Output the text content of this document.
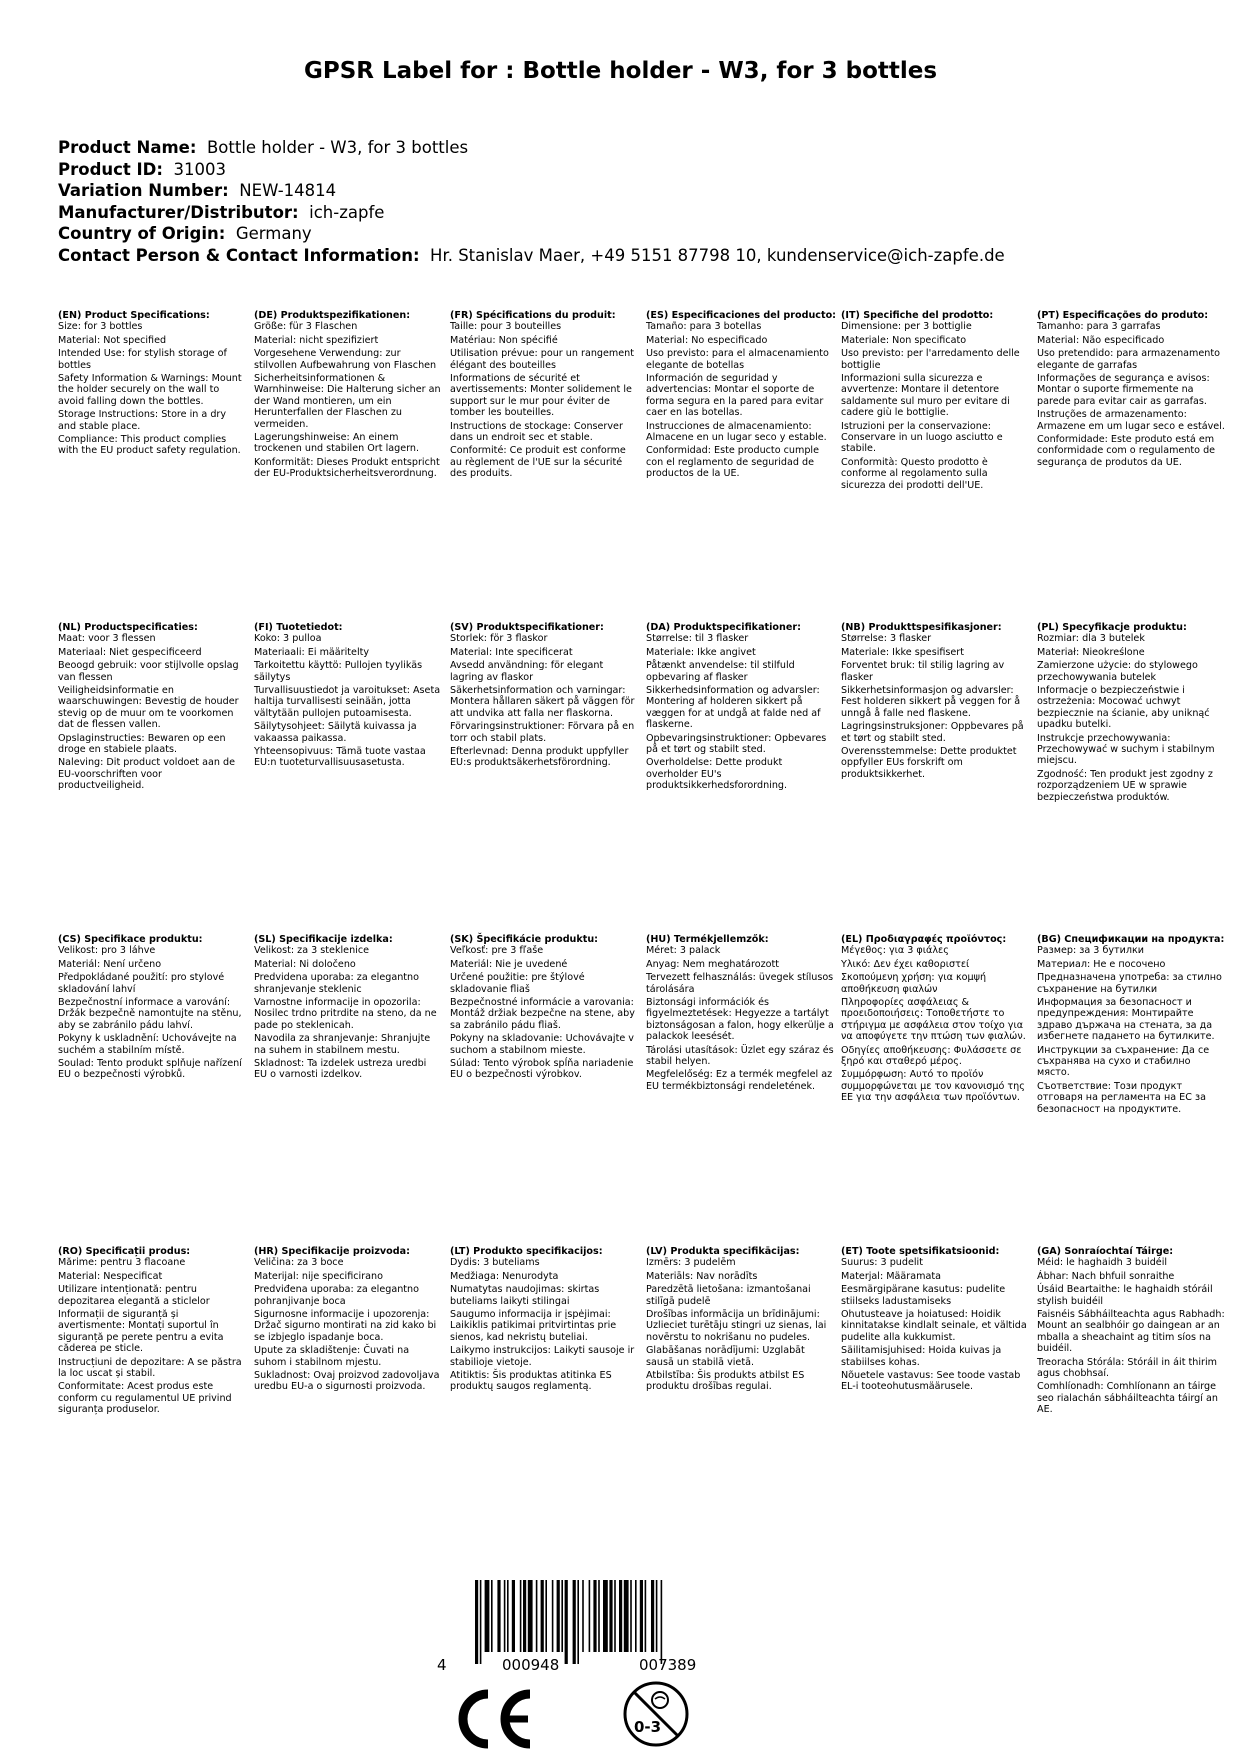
GPSR Label for : Bottle holder - W3, for 3 bottles
Product Name: Bottle holder - W3, for 3 bottles
Product ID: 31003
Variation Number: NEW-14814
Manufacturer/Distributor: ich-zapfe
Country of Origin: Germany
Contact Person & Contact Information: Hr. Stanislav Maer, +49 5151 87798 10, kundenservice@ich-zapfe.de
(EN) Product Specifications:
Size: for 3 bottles
Material: Not specified
Intended Use: for stylish storage of bottles
Safety Information & Warnings: Mount the holder securely on the wall to avoid falling down the bottles.
Storage Instructions: Store in a dry and stable place.
Compliance: This product complies with the EU product safety regulation.
(DE) Produktspezifikationen:
Größe: für 3 Flaschen
Material: nicht spezifiziert
Vorgesehene Verwendung: zur stilvollen Aufbewahrung von Flaschen
Sicherheitsinformationen & Warnhinweise: Die Halterung sicher an der Wand montieren, um ein Herunterfallen der Flaschen zu vermeiden.
Lagerungshinweise: An einem trockenen und stabilen Ort lagern.
Konformität: Dieses Produkt entspricht der EU-Produktsicherheitsverordnung.
(FR) Spécifications du produit:
Taille: pour 3 bouteilles
Matériau: Non spécifié
Utilisation prévue: pour un rangement élégant des bouteilles
Informations de sécurité et avertissements: Monter solidement le support sur le mur pour éviter de tomber les bouteilles.
Instructions de stockage: Conserver dans un endroit sec et stable.
Conformité: Ce produit est conforme au règlement de l'UE sur la sécurité des produits.
(ES) Especificaciones del producto:
Tamaño: para 3 botellas
Material: No especificado
Uso previsto: para el almacenamiento elegante de botellas
Información de seguridad y advertencias: Montar el soporte de forma segura en la pared para evitar caer en las botellas.
Instrucciones de almacenamiento: Almacene en un lugar seco y estable.
Conformidad: Este producto cumple con el reglamento de seguridad de productos de la UE.
(IT) Specifiche del prodotto:
Dimensione: per 3 bottiglie
Materiale: Non specificato
Uso previsto: per l'arredamento delle bottiglie
Informazioni sulla sicurezza e avvertenze: Montare il detentore saldamente sul muro per evitare di cadere giù le bottiglie.
Istruzioni per la conservazione: Conservare in un luogo asciutto e stabile.
Conformità: Questo prodotto è conforme al regolamento sulla sicurezza dei prodotti dell'UE.
(PT) Especificações do produto:
Tamanho: para 3 garrafas
Material: Não especificado
Uso pretendido: para armazenamento elegante de garrafas
Informações de segurança e avisos: Montar o suporte firmemente na parede para evitar cair as garrafas.
Instruções de armazenamento: Armazene em um lugar seco e estável.
Conformidade: Este produto está em conformidade com o regulamento de segurança de produtos da UE.
(NL) Productspecificaties:
Maat: voor 3 flessen
Materiaal: Niet gespecificeerd
Beoogd gebruik: voor stijlvolle opslag van flessen
Veiligheidsinformatie en waarschuwingen: Bevestig de houder stevig op de muur om te voorkomen dat de flessen vallen.
Opslaginstructies: Bewaren op een droge en stabiele plaats.
Naleving: Dit product voldoet aan de EU-voorschriften voor productveiligheid.
(FI) Tuotetiedot:
Koko: 3 pulloa
Materiaali: Ei määritelty
Tarkoitettu käyttö: Pullojen tyylikäs säilytys
Turvallisuustiedot ja varoitukset: Aseta haltija turvallisesti seinään, jotta vältytään pullojen putoamisesta.
Säilytysohjeet: Säilytä kuivassa ja vakaassa paikassa.
Yhteensopivuus: Tämä tuote vastaa EU:n tuoteturvallisuusasetusta.
(SV) Produktspecifikationer:
Storlek: för 3 flaskor
Material: Inte specificerat
Avsedd användning: för elegant lagring av flaskor
Säkerhetsinformation och varningar: Montera hållaren säkert på väggen för att undvika att falla ner flaskorna.
Förvaringsinstruktioner: Förvara på en torr och stabil plats.
Efterlevnad: Denna produkt uppfyller EU:s produktsäkerhetsförordning.
(DA) Produktspecifikationer:
Størrelse: til 3 flasker
Materiale: Ikke angivet
Påtænkt anvendelse: til stilfuld opbevaring af flasker
Sikkerhedsinformation og advarsler: Montering af holderen sikkert på væggen for at undgå at falde ned af flaskerne.
Opbevaringsinstruktioner: Opbevares på et tørt og stabilt sted.
Overholdelse: Dette produkt overholder EU's produktsikkerhedsforordning.
(NB) Produkttspesifikasjoner:
Størrelse: 3 flasker
Materiale: Ikke spesifisert
Forventet bruk: til stilig lagring av flasker
Sikkerhetsinformasjon og advarsler: Fest holderen sikkert på veggen for å unngå å falle ned flaskene.
Lagringsinstruksjoner: Oppbevares på et tørt og stabilt sted.
Overensstemmelse: Dette produktet oppfyller EUs forskrift om produktsikkerhet.
(PL) Specyfikacje produktu:
Rozmiar: dla 3 butelek
Materiał: Nieokreślone
Zamierzone użycie: do stylowego przechowywania butelek
Informacje o bezpieczeństwie i ostrzeżenia: Mocować uchwyt bezpiecznie na ścianie, aby uniknąć upadku butelki.
Instrukcje przechowywania: Przechowywać w suchym i stabilnym miejscu.
Zgodność: Ten produkt jest zgodny z rozporządzeniem UE w sprawie bezpieczeństwa produktów.
(CS) Specifikace produktu:
Velikost: pro 3 láhve
Materiál: Není určeno
Předpokládané použití: pro stylové skladování lahví
Bezpečnostní informace a varování: Držák bezpečně namontujte na stěnu, aby se zabránilo pádu lahví.
Pokyny k uskladnění: Uchovávejte na suchém a stabilním místě.
Soulad: Tento produkt splňuje nařízení EU o bezpečnosti výrobků.
(SL) Specifikacije izdelka:
Velikost: za 3 steklenice
Material: Ni določeno
Predvidena uporaba: za elegantno shranjevanje steklenic
Varnostne informacije in opozorila: Nosilec trdno pritrdite na steno, da ne pade po steklenicah.
Navodila za shranjevanje: Shranjujte na suhem in stabilnem mestu.
Skladnost: Ta izdelek ustreza uredbi EU o varnosti izdelkov.
(SK) Špecifikácie produktu:
Veľkosť: pre 3 fľaše
Materiál: Nie je uvedené
Určené použitie: pre štýlové skladovanie fliaš
Bezpečnostné informácie a varovania: Montáž držiak bezpečne na stene, aby sa zabránilo pádu fliaš.
Pokyny na skladovanie: Uchovávajte v suchom a stabilnom mieste.
Súlad: Tento výrobok spĺňa nariadenie EU o bezpečnosti výrobkov.
(HU) Termékjellemzők:
Méret: 3 palack
Anyag: Nem meghatározott
Tervezett felhasználás: üvegek stílusos tárolására
Biztonsági információk és figyelmeztetések: Hegyezze a tartályt biztonságosan a falon, hogy elkerülje a palackok leesését.
Tárolási utasítások: Üzlet egy száraz és stabil helyen.
Megfelelőség: Ez a termék megfelel az EU termékbiztonsági rendeletének.
(EL) Προδιαγραφές προϊόντος:
Μέγεθος: για 3 φιάλες
Υλικό: Δεν έχει καθοριστεί
Σκοπούμενη χρήση: για κομψή αποθήκευση φιαλών
Πληροφορίες ασφάλειας & προειδοποιήσεις: Τοποθετήστε το στήριγμα με ασφάλεια στον τοίχο για να αποφύγετε την πτώση των φιαλών.
Οδηγίες αποθήκευσης: Φυλάσσετε σε ξηρό και σταθερό μέρος.
Συμμόρφωση: Αυτό το προϊόν συμμορφώνεται με τον κανονισμό της ΕΕ για την ασφάλεια των προϊόντων.
(BG) Спецификации на продукта:
Размер: за 3 бутилки
Материал: Не е посочено
Предназначена употреба: за стилно съхранение на бутилки
Информация за безопасност и предупреждения: Монтирайте здраво държача на стената, за да избегнете падането на бутилките.
Инструкции за съхранение: Да се съхранява на сухо и стабилно място.
Съответствие: Този продукт отговаря на регламента на ЕС за безопасност на продуктите.
(RO) Specificații produs:
Mărime: pentru 3 flacoane
Material: Nespecificat
Utilizare intenționată: pentru depozitarea elegantă a sticlelor
Informații de siguranță și avertismente: Montați suportul în siguranță pe perete pentru a evita căderea pe sticle.
Instrucțiuni de depozitare: A se păstra la loc uscat și stabil.
Conformitate: Acest produs este conform cu regulamentul UE privind siguranța produselor.
(HR) Specifikacije proizvoda:
Veličina: za 3 boce
Materijal: nije specificirano
Predviđena uporaba: za elegantno pohranjivanje boca
Sigurnosne informacije i upozorenja: Držač sigurno montirati na zid kako bi se izbjeglo ispadanje boca.
Upute za skladištenje: Čuvati na suhom i stabilnom mjestu.
Sukladnost: Ovaj proizvod zadovoljava uredbu EU-a o sigurnosti proizvoda.
(LT) Produkto specifikacijos:
Dydis: 3 buteliams
Medžiaga: Nenurodyta
Numatytas naudojimas: skirtas buteliams laikyti stilingai
Saugumo informacija ir įspėjimai: Laikiklis patikimai pritvirtintas prie sienos, kad nekristų buteliai.
Laikymo instrukcijos: Laikyti sausoje ir stabilioje vietoje.
Atitiktis: Šis produktas atitinka ES produktų saugos reglamentą.
(LV) Produkta specifikācijas:
Izmērs: 3 pudelēm
Materiāls: Nav norādīts
Paredzētā lietošana: izmantošanai stilīgā pudelē
Drošības informācija un brīdinājumi: Uzlieciet turētāju stingri uz sienas, lai novērstu to nokrišanu no pudeles.
Glabāšanas norādījumi: Uzglabāt sausā un stabilā vietā.
Atbilstība: Šis produkts atbilst ES produktu drošības regulai.
(ET) Toote spetsifikatsioonid:
Suurus: 3 pudelit
Materjal: Määramata
Eesmärgipärane kasutus: pudelite stiilseks ladustamiseks
Ohutusteave ja hoiatused: Hoidik kinnitatakse kindlalt seinale, et vältida pudelite alla kukkumist.
Säilitamisjuhised: Hoida kuivas ja stabiilses kohas.
Nõuetele vastavus: See toode vastab EL-i tooteohutusmäärusele.
(GA) Sonraíochtaí Táirge:
Méid: le haghaidh 3 buidéil
Ábhar: Nach bhfuil sonraithe
Úsáid Beartaithe: le haghaidh stóráil stylish buidéil
Faisnéis Sábháilteachta agus Rabhadh: Mount an sealbhóir go daingean ar an mballa a sheachaint ag titim síos na buidéil.
Treoracha Stórála: Stóráil in áit thirim agus chobhsaí.
Comhlíonadh: Comhlíonann an táirge seo rialachán sábháilteachta táirgí an AE.
4	000948	007389
0-3
